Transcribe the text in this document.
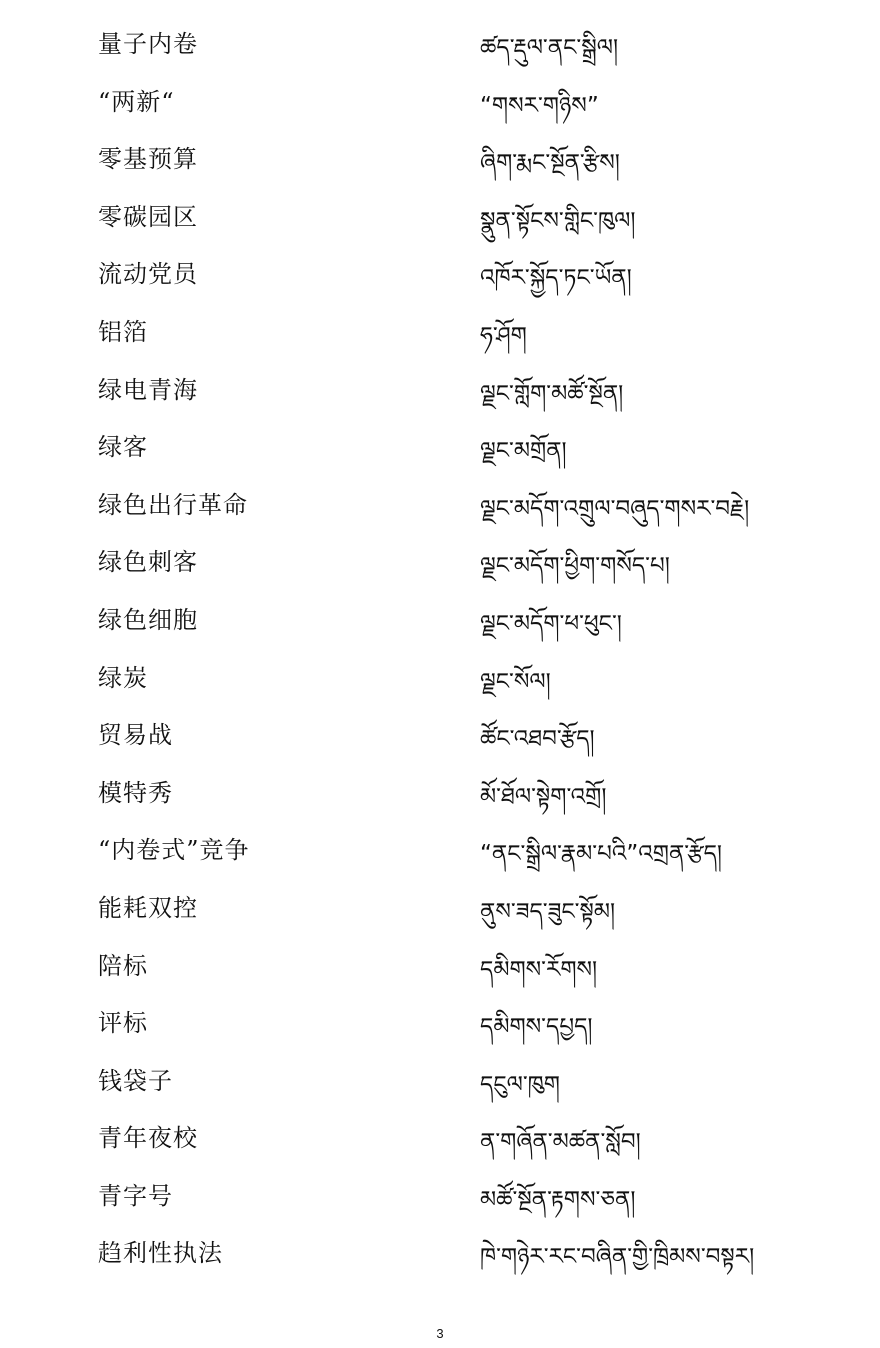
量子内卷	ཚད་རྡུལ་ནང་སྒྲིལ།
“两新“	“གསར་གཉིས”
零基预算	ཞིག་རྨང་སྔོན་རྩིས།
零碳园区	སྣུན་སྟོངས་གླིང་ཁུལ།
流动党员	འཁོར་སྐྱོད་ཏང་ཡོན།
铝箔	ཧ་ཤོག
绿电青海	ལྗང་གློག་མཚོ་སྔོན།
绿客	ལྗང་མགྲོན།
绿色出行革命	ལྗང་མདོག་འགྲུལ་བཞུད་གསར་བརྗེ།
绿色刺客	ལྗང་མདོག་ཕྱིག་གསོད་པ།
绿色细胞	ལྗང་མདོག་ཕ་ཕུང་།
绿炭	ལྗང་སོལ།
贸易战	ཚོང་འཐབ་རྩོད།
模特秀	མོ་ཐོལ་སྟེག་འགྲོ།
“内卷式”竞争	“ནང་སྒྲིལ་རྣམ་པའི”འགྲན་རྩོད།
能耗双控	ནུས་ཟད་ཟུང་སྟོམ།
陪标	དམིགས་རོགས།
评标	དམིགས་དཔྱད།
钱袋子	དངུལ་ཁུག
青年夜校	ན་གཞོན་མཚན་སློབ།
青字号	མཚོ་སྔོན་རྟགས་ཅན།
趋利性执法	ཁེ་གཉེར་རང་བཞིན་གྱི་ཁྲིམས་བསྟར།
3
